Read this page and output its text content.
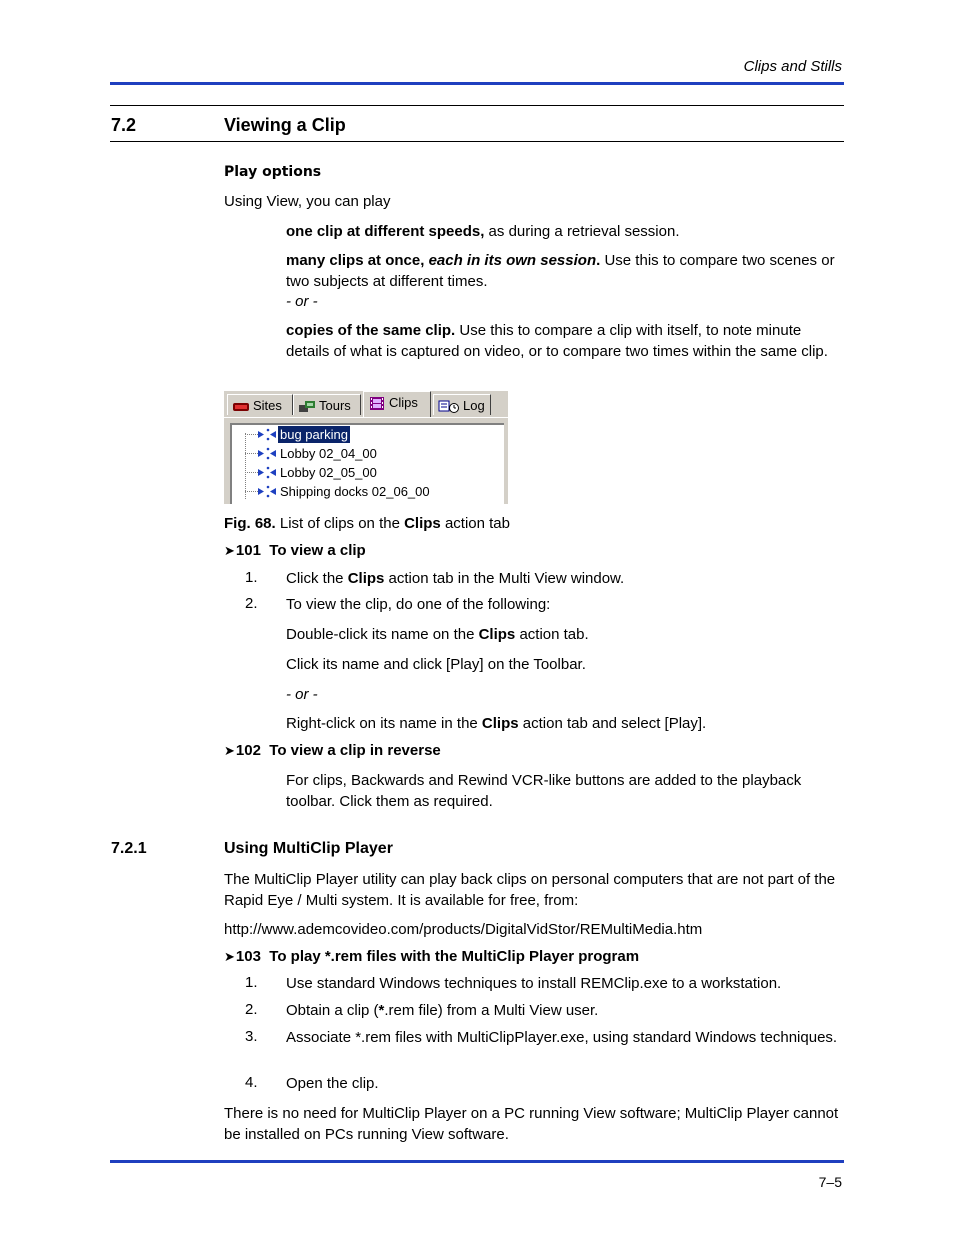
Clips and Stills
7.2	Viewing a Clip
Play options
Using View, you can play
one clip at different speeds, as during a retrieval session.
many clips at once, each in its own session. Use this to compare two scenes or two subjects at different times.
- or -
copies of the same clip. Use this to compare a clip with itself, to note minute details of what is captured on video, or to compare two times within the same clip.
Sites	Tours	Clips	Log
bug parking
Lobby 02_04_00
Lobby 02_05_00
Shipping docks 02_06_00
Fig. 68. List of clips on the Clips action tab
➤101 To view a clip
1. Click the Clips action tab in the Multi View window.
2. To view the clip, do one of the following:
Double-click its name on the Clips action tab.
Click its name and click [Play] on the Toolbar.
- or -
Right-click on its name in the Clips action tab and select [Play].
➤102 To view a clip in reverse
For clips, Backwards and Rewind VCR-like buttons are added to the playback toolbar. Click them as required.
7.2.1	Using MultiClip Player
The MultiClip Player utility can play back clips on personal computers that are not part of the Rapid Eye / Multi system. It is available for free, from:
http://www.ademcovideo.com/products/DigitalVidStor/REMultiMedia.htm
➤103 To play *.rem files with the MultiClip Player program
1. Use standard Windows techniques to install REMClip.exe to a workstation.
2. Obtain a clip (*.rem file) from a Multi View user.
3. Associate *.rem files with MultiClipPlayer.exe, using standard Windows techniques.
4. Open the clip.
There is no need for MultiClip Player on a PC running View software; MultiClip Player cannot be installed on PCs running View software.
7–5
